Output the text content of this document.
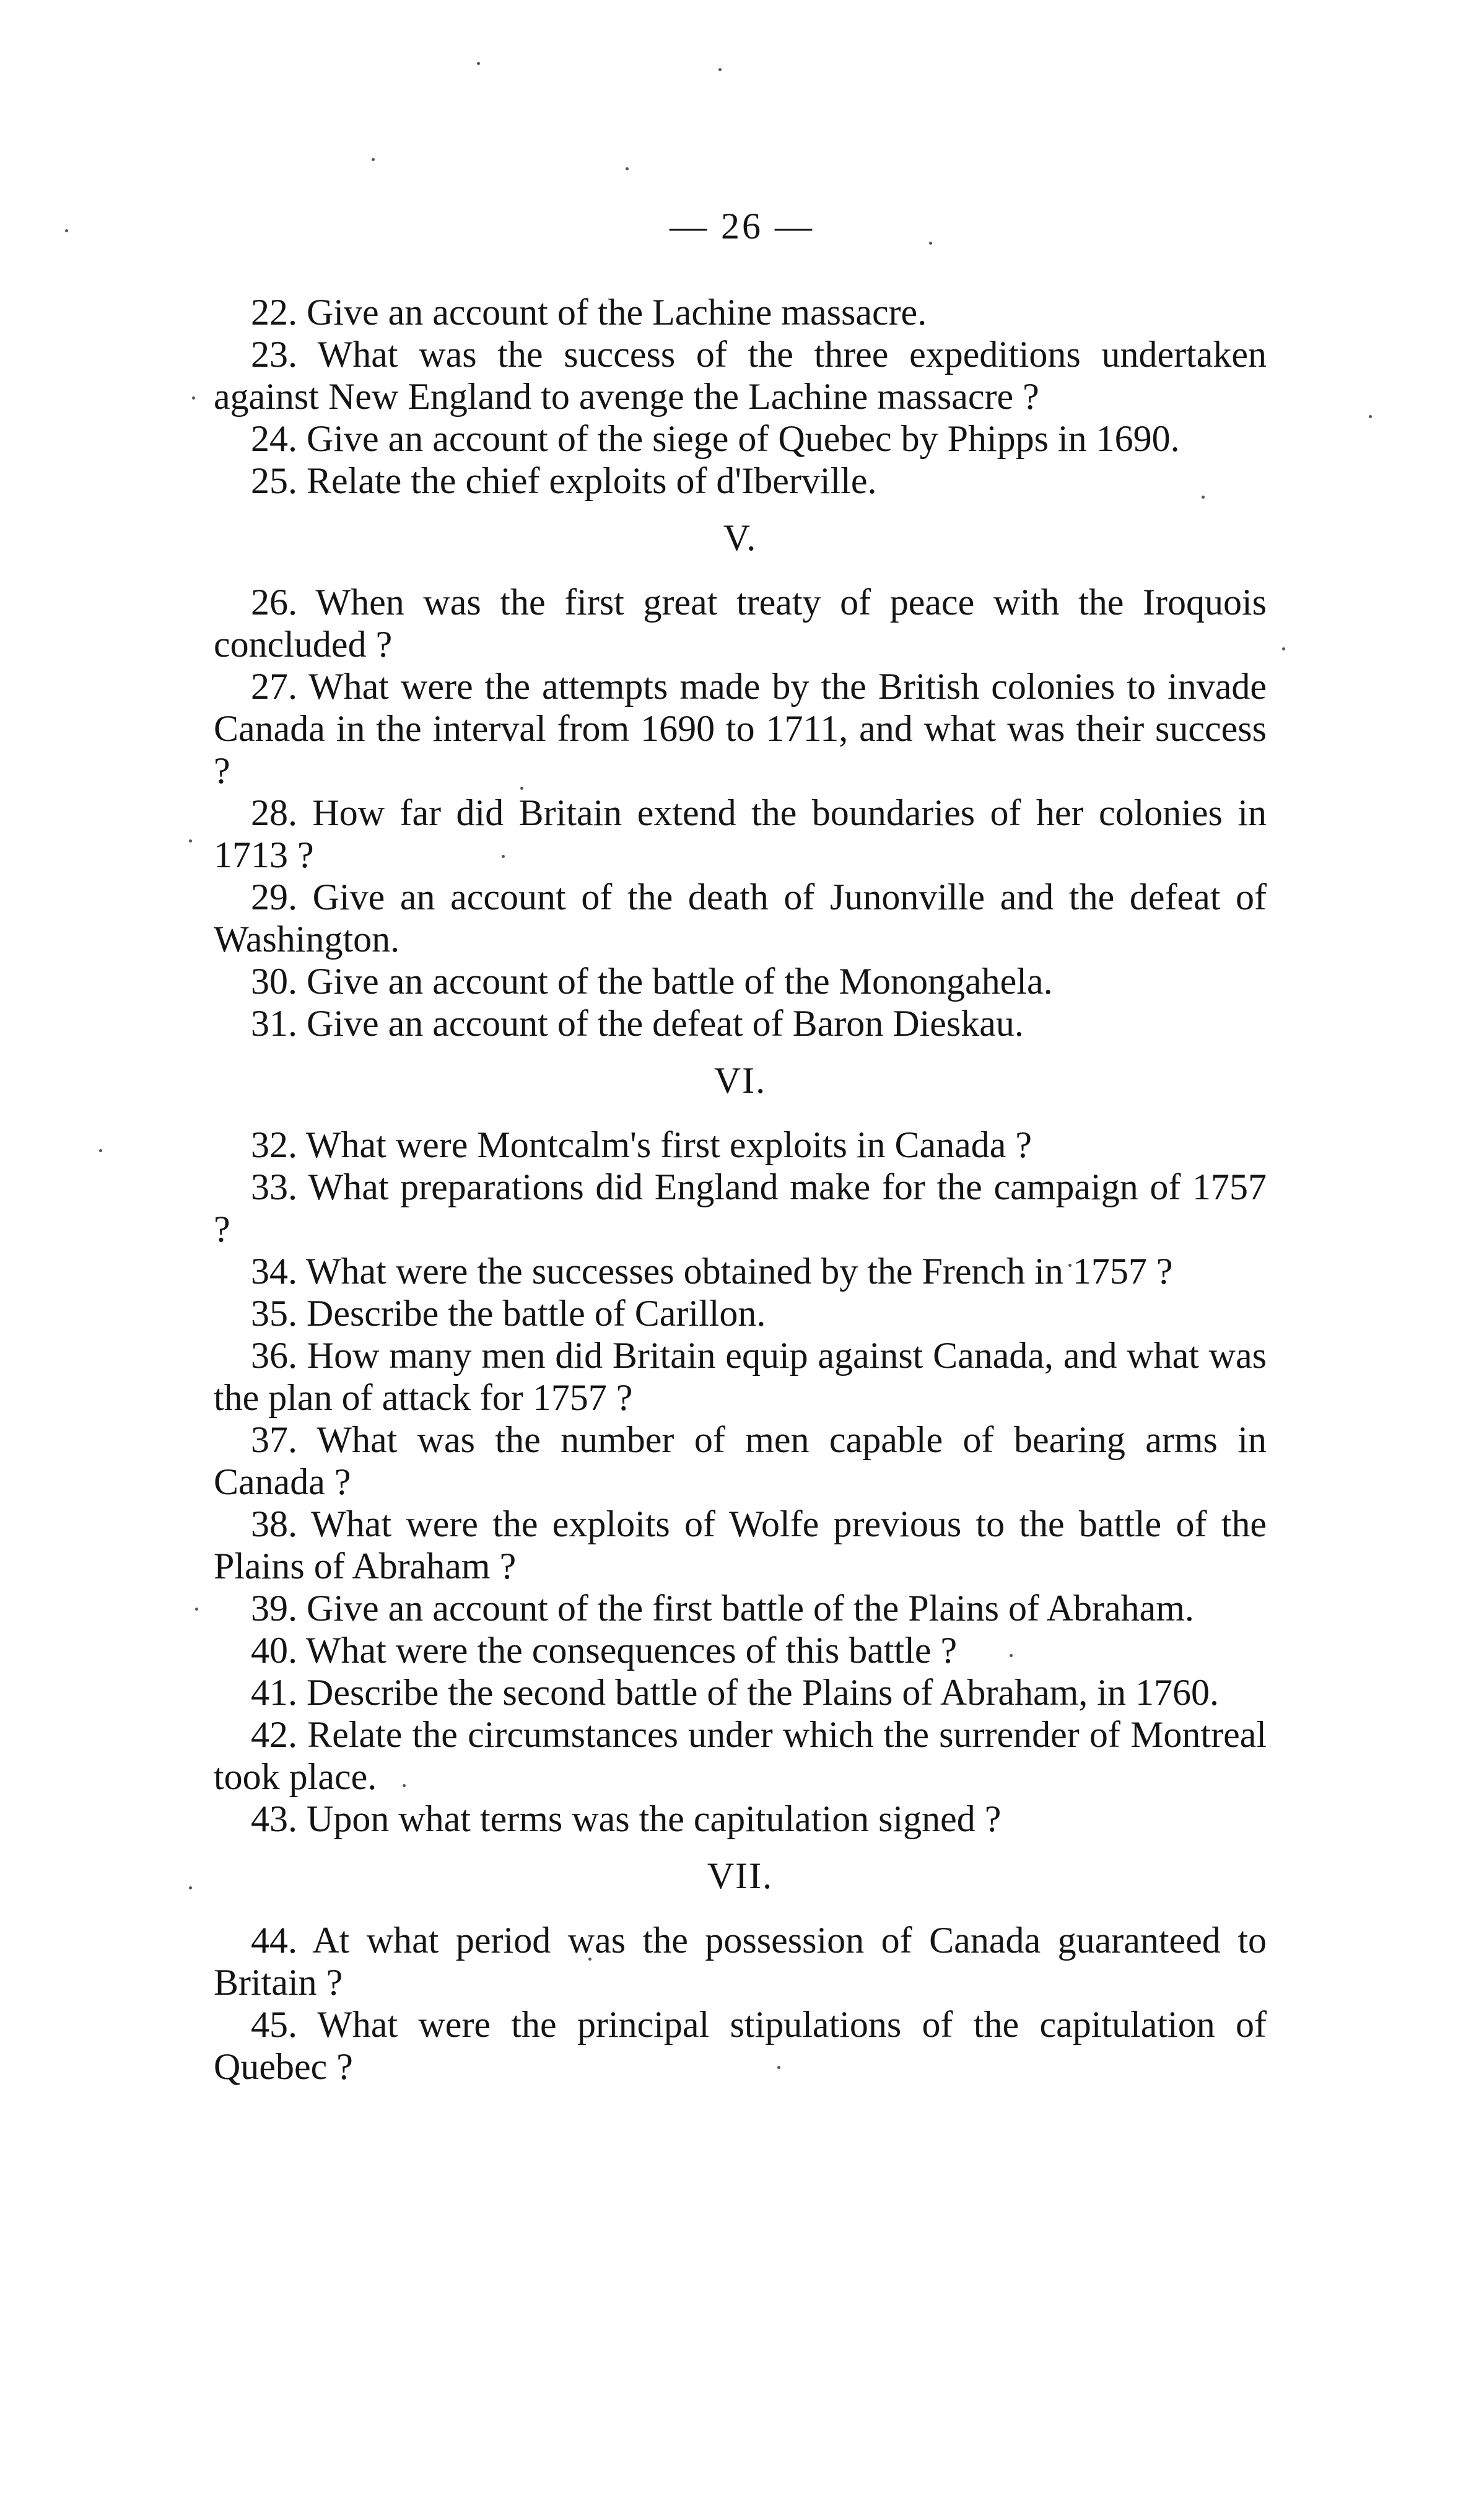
— 26 —

22. Give an account of the Lachine massacre.

23. What was the success of the three expeditions undertaken against New England to avenge the Lachine massacre ?

24. Give an account of the siege of Quebec by Phipps in 1690.

25. Relate the chief exploits of d'Iberville.

V.

26. When was the first great treaty of peace with the Iroquois concluded ?

27. What were the attempts made by the British colonies to invade Canada in the interval from 1690 to 1711, and what was their success ?

28. How far did Britain extend the boundaries of her colonies in 1713 ?

29. Give an account of the death of Junonville and the defeat of Washington.

30. Give an account of the battle of the Monongahela.

31. Give an account of the defeat of Baron Dieskau.

VI.

32. What were Montcalm's first exploits in Canada ?

33. What preparations did England make for the campaign of 1757 ?

34. What were the successes obtained by the French in 1757 ?

35. Describe the battle of Carillon.

36. How many men did Britain equip against Canada, and what was the plan of attack for 1757 ?

37. What was the number of men capable of bearing arms in Canada ?

38. What were the exploits of Wolfe previous to the battle of the Plains of Abraham ?

39. Give an account of the first battle of the Plains of Abraham.

40. What were the consequences of this battle ?

41. Describe the second battle of the Plains of Abraham, in 1760.

42. Relate the circumstances under which the surrender of Montreal took place.

43. Upon what terms was the capitulation signed ?

VII.

44. At what period was the possession of Canada guaranteed to Britain ?

45. What were the principal stipulations of the capitulation of Quebec ?
